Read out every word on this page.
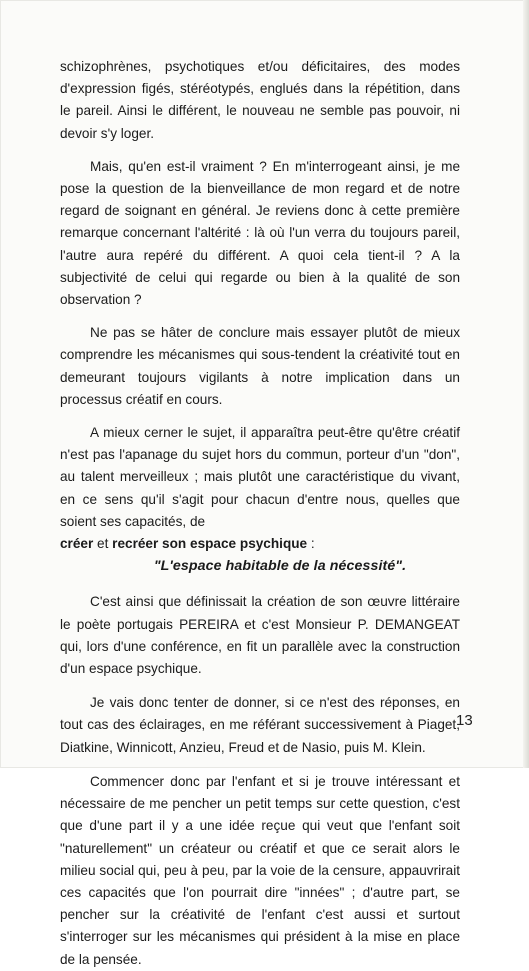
schizophrènes, psychotiques et/ou déficitaires, des modes d'expression figés, stéréotypés, englués dans la répétition, dans le pareil. Ainsi le différent, le nouveau ne semble pas pouvoir, ni devoir s'y loger.

Mais, qu'en est-il vraiment ? En m'interrogeant ainsi, je me pose la question de la bienveillance de mon regard et de notre regard de soignant en général. Je reviens donc à cette première remarque concernant l'altérité : là où l'un verra du toujours pareil, l'autre aura repéré du différent. A quoi cela tient-il ? A la subjectivité de celui qui regarde ou bien à la qualité de son observation ?

Ne pas se hâter de conclure mais essayer plutôt de mieux comprendre les mécanismes qui sous-tendent la créativité tout en demeurant toujours vigilants à notre implication dans un processus créatif en cours.

A mieux cerner le sujet, il apparaîtra peut-être qu'être créatif n'est pas l'apanage du sujet hors du commun, porteur d'un "don", au talent merveilleux ; mais plutôt une caractéristique du vivant, en ce sens qu'il s'agit pour chacun d'entre nous, quelles que soient ses capacités, de

créer et recréer son espace psychique :

"L'espace habitable de la nécessité".

C'est ainsi que définissait la création de son œuvre littéraire le poète portugais PEREIRA et c'est Monsieur P. DEMANGEAT qui, lors d'une conférence, en fit un parallèle avec la construction d'un espace psychique.

Je vais donc tenter de donner, si ce n'est des réponses, en tout cas des éclairages, en me référant successivement à Piaget, Diatkine, Winnicott, Anzieu, Freud et de Nasio, puis M. Klein.

Commencer donc par l'enfant et si je trouve intéressant et nécessaire de me pencher un petit temps sur cette question, c'est que d'une part il y a une idée reçue qui veut que l'enfant soit "naturellement" un créateur ou créatif et que ce serait alors le milieu social qui, peu à peu, par la voie de la censure, appauvrirait ces capacités que l'on pourrait dire "innées" ; d'autre part, se pencher sur la créativité de l'enfant c'est aussi et surtout s'interroger sur les mécanismes qui président à la mise en place de la pensée.

13
